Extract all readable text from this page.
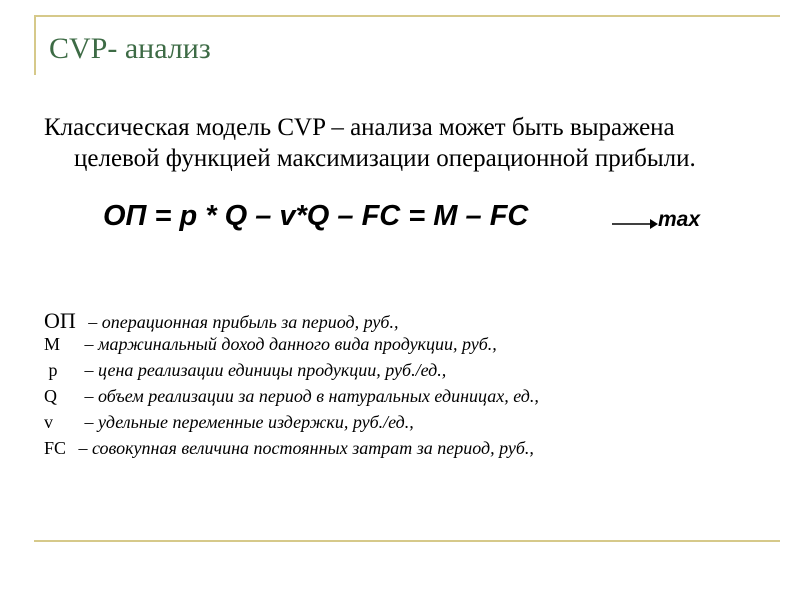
CVP- анализ
Классическая модель CVP – анализа может быть выражена
целевой функцией максимизации операционной прибыли.
ОП = p * Q – v*Q – FC = M – FC	max
ОП – операционная прибыль за период, руб.,
М – маржинальный доход данного вида продукции, руб.,
p – цена реализации единицы продукции, руб./ед.,
Q – объем реализации за период в натуральных единицах, ед.,
v – удельные переменные издержки, руб./ед.,
FC – совокупная величина постоянных затрат за период, руб.,
